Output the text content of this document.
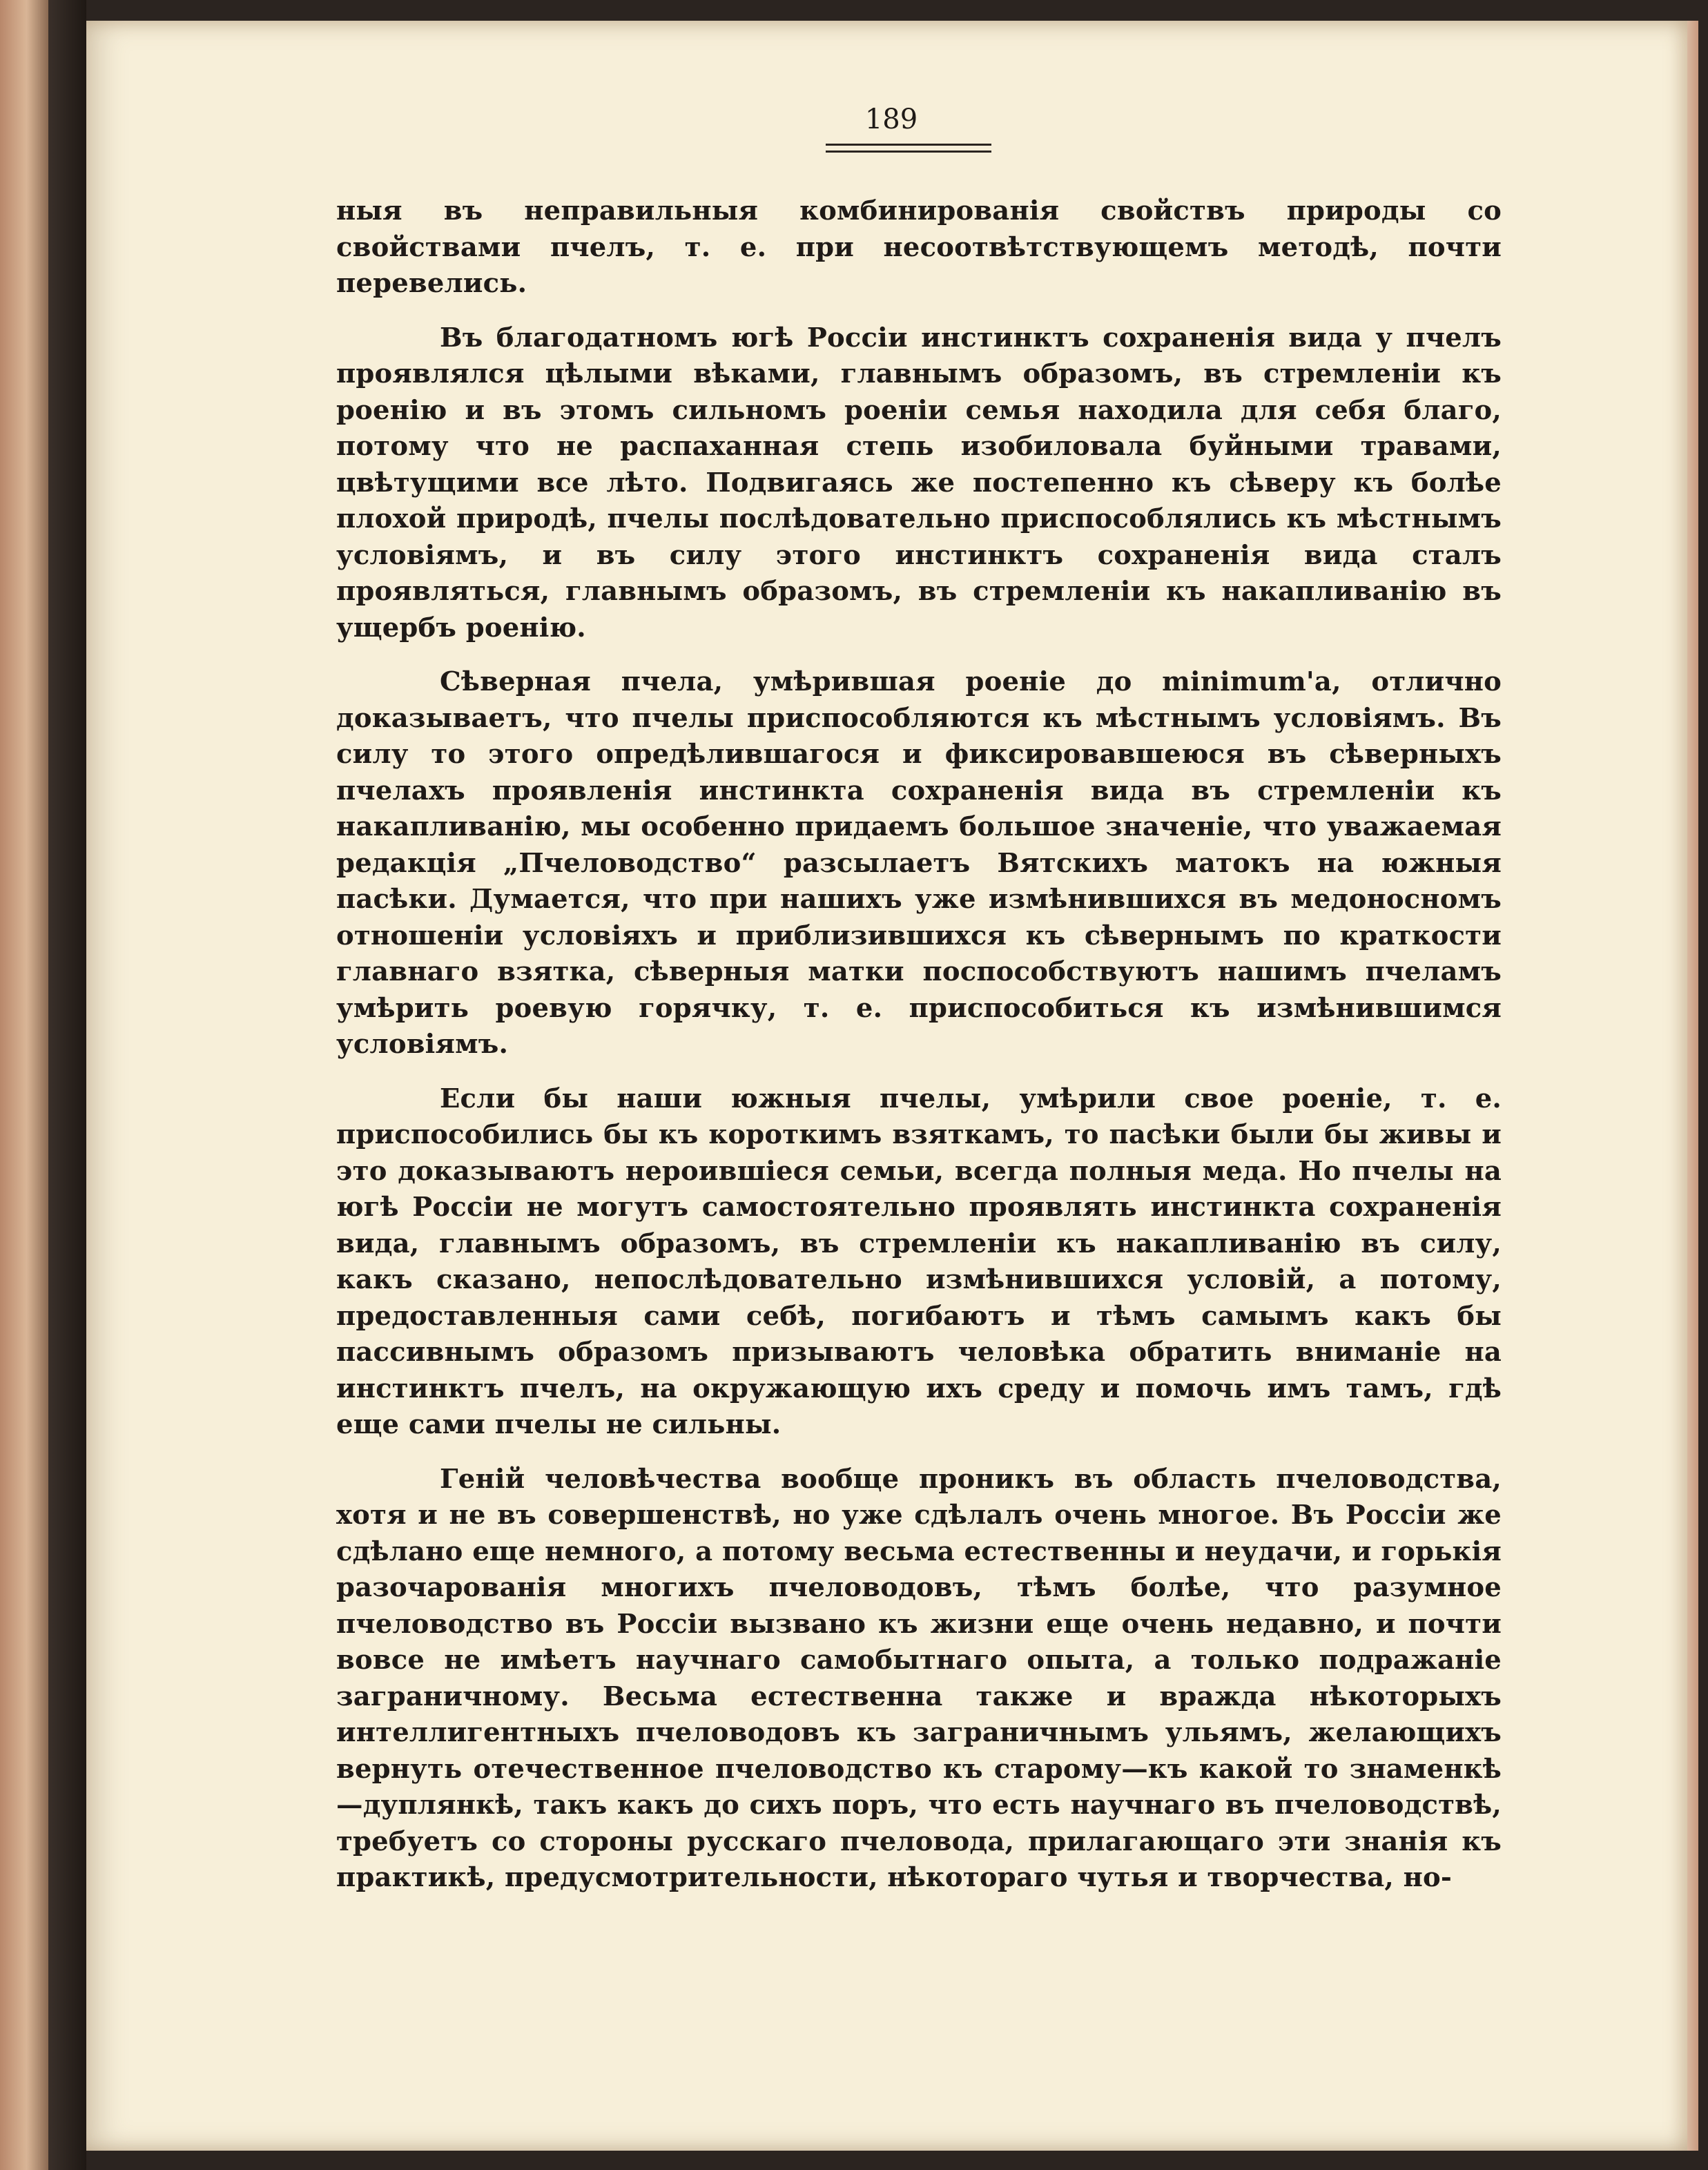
189

ныя въ неправильныя комбинированія свойствъ природы со свойствами пчелъ, т. е. при несоотвѣтствующемъ методѣ, почти перевелись.

Въ благодатномъ югѣ Россіи инстинктъ сохраненія вида у пчелъ проявлялся цѣлыми вѣками, главнымъ образомъ, въ стремленіи къ роенію и въ этомъ сильномъ роеніи семья находила для себя благо, потому что не распаханная степь изобиловала буйными травами, цвѣтущими все лѣто. Подвигаясь же постепенно къ сѣверу къ болѣе плохой природѣ, пчелы послѣдовательно приспособлялись къ мѣстнымъ условіямъ, и въ силу этого инстинктъ сохраненія вида сталъ проявляться, главнымъ образомъ, въ стремленіи къ накапливанію въ ущербъ роенію.

Сѣверная пчела, умѣрившая роеніе до minimum'а, отлично доказываетъ, что пчелы приспособляются къ мѣстнымъ условіямъ. Въ силу то этого опредѣлившагося и фиксировавшеюся въ сѣверныхъ пчелахъ проявленія инстинкта сохраненія вида въ стремленіи къ накапливанію, мы особенно придаемъ большое значеніе, что уважаемая редакція „Пчеловодство“ разсылаетъ Вятскихъ матокъ на южныя пасѣки. Думается, что при нашихъ уже измѣнившихся въ медоносномъ отношеніи условіяхъ и приблизившихся къ сѣвернымъ по краткости главнаго взятка, сѣверныя матки поспособствуютъ нашимъ пчеламъ умѣрить роевую горячку, т. е. приспособиться къ измѣнившимся условіямъ.

Если бы наши южныя пчелы, умѣрили свое роеніе, т. е. приспособились бы къ короткимъ взяткамъ, то пасѣки были бы живы и это доказываютъ нероившіеся семьи, всегда полныя меда. Но пчелы на югѣ Россіи не могутъ самостоятельно проявлять инстинкта сохраненія вида, главнымъ образомъ, въ стремленіи къ накапливанію въ силу, какъ сказано, непослѣдовательно измѣнившихся условій, а потому, предоставленныя сами себѣ, погибаютъ и тѣмъ самымъ какъ бы пассивнымъ образомъ призываютъ человѣка обратить вниманіе на инстинктъ пчелъ, на окружающую ихъ среду и помочь имъ тамъ, гдѣ еще сами пчелы не сильны.

Геній человѣчества вообще проникъ въ область пчеловодства, хотя и не въ совершенствѣ, но уже сдѣлалъ очень многое. Въ Россіи же сдѣлано еще немного, а потому весьма естественны и неудачи, и горькія разочарованія многихъ пчеловодовъ, тѣмъ болѣе, что разумное пчеловодство въ Россіи вызвано къ жизни еще очень недавно, и почти вовсе не имѣетъ научнаго самобытнаго опыта, а только подражаніе заграничному. Весьма естественна также и вражда нѣкоторыхъ интеллигентныхъ пчеловодовъ къ заграничнымъ ульямъ, желающихъ вернуть отечественное пчеловодство къ старому—къ какой то знаменкѣ—дуплянкѣ, такъ какъ до сихъ поръ, что есть научнаго въ пчеловодствѣ, требуетъ со стороны русскаго пчеловода, прилагающаго эти знанія къ практикѣ, предусмотрительности, нѣкотораго чутья и творчества, но-
